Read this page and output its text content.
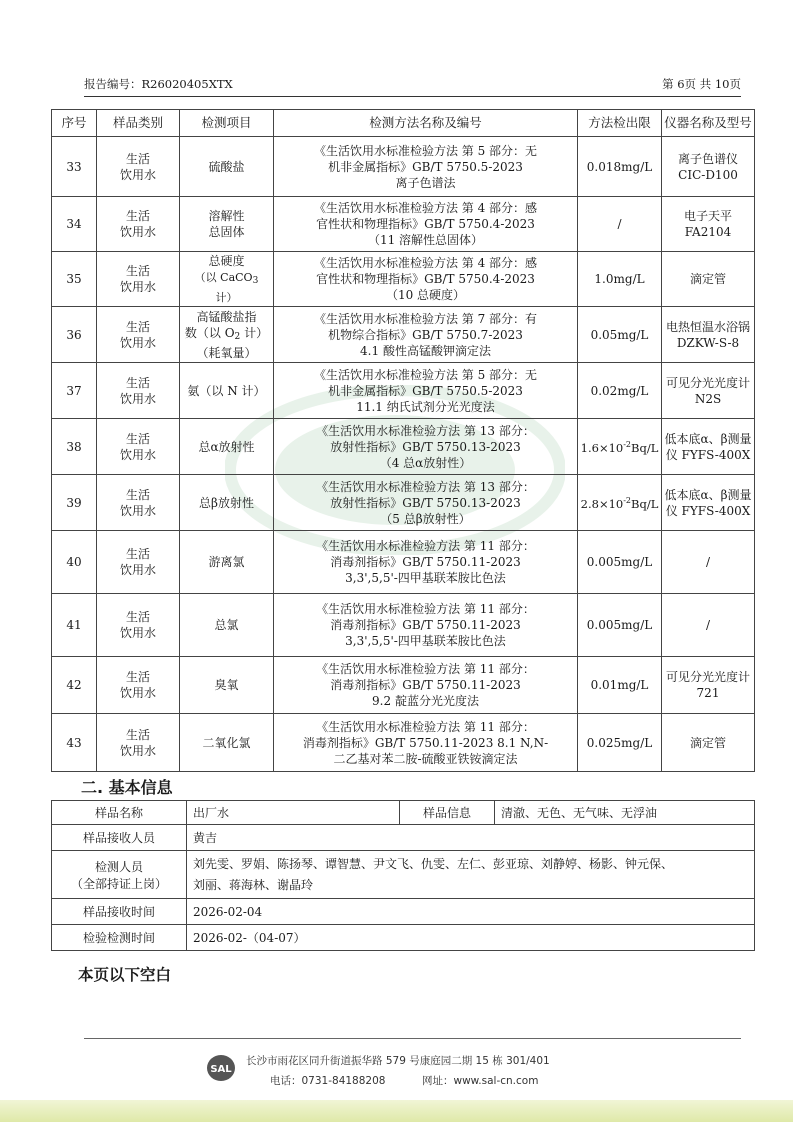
报告编号：R26020405XTX	第 6页 共 10页
序号	样品类别	检测项目	检测方法名称及编号	方法检出限	仪器名称及型号
33	生活
饮用水	硫酸盐	《生活饮用水标准检验方法 第 5 部分：无
机非金属指标》GB/T 5750.5-2023
离子色谱法	0.018mg/L	离子色谱仪
CIC-D100
34	生活
饮用水	溶解性
总固体	《生活饮用水标准检验方法 第 4 部分：感
官性状和物理指标》GB/T 5750.4-2023
（11 溶解性总固体）	/	电子天平
FA2104
35	生活
饮用水	总硬度
（以 CaCO$_3$ 计）	《生活饮用水标准检验方法 第 4 部分：感
官性状和物理指标》GB/T 5750.4-2023
（10 总硬度）	1.0mg/L	滴定管
36	生活
饮用水	高锰酸盐指
数（以 $O_2$ 计）
（耗氧量）	《生活饮用水标准检验方法 第 7 部分：有
机物综合指标》GB/T 5750.7-2023
4.1 酸性高锰酸钾滴定法	0.05mg/L	电热恒温水浴锅
DZKW-S-8
37	生活
饮用水	氨（以 N 计）	《生活饮用水标准检验方法 第 5 部分：无
机非金属指标》GB/T 5750.5-2023
11.1 纳氏试剂分光光度法	0.02mg/L	可见分光光度计
N2S
38	生活
饮用水	总α放射性	《生活饮用水标准检验方法 第 13 部分：
放射性指标》GB/T 5750.13-2023
（4 总α放射性）	$1.6\times 10^{-2}Bq/L$	低本底α、β测量
仪 FYFS-400X
39	生活
饮用水	总β放射性	《生活饮用水标准检验方法 第 13 部分：
放射性指标》GB/T 5750.13-2023
（5 总β放射性）	$2.8\times 10^{-2}Bq/L$	低本底α、β测量
仪 FYFS-400X
40	生活
饮用水	游离氯	《生活饮用水标准检验方法 第 11 部分：
消毒剂指标》GB/T 5750.11-2023
3,3',5,5'-四甲基联苯胺比色法	0.005mg/L	/
41	生活
饮用水	总氯	《生活饮用水标准检验方法 第 11 部分：
消毒剂指标》GB/T 5750.11-2023
3,3',5,5'-四甲基联苯胺比色法	0.005mg/L	/
42	生活
饮用水	臭氧	《生活饮用水标准检验方法 第 11 部分：
消毒剂指标》GB/T 5750.11-2023
9.2 靛蓝分光光度法	0.01mg/L	可见分光光度计
721
43	生活
饮用水	二氧化氯	《生活饮用水标准检验方法 第 11 部分：
消毒剂指标》GB/T 5750.11-2023 8.1 N,N-
二乙基对苯二胺-硫酸亚铁铵滴定法	0.025mg/L	滴定管
二. 基本信息
样品名称	出厂水	样品信息	清澈、无色、无气味、无浮油
样品接收人员	黄吉		
检测人员
（全部持证上岗）	刘先雯、罗娟、陈扬琴、谭智慧、尹文飞、仇雯、左仁、彭亚琼、刘静婷、杨影、钟元保、
刘丽、蒋海林、谢晶玲		
样品接收时间	2026-02-04		
检验检测时间	2026-02-（04-07）		
本页以下空白
SAL
长沙市雨花区同升街道振华路 579 号康庭园二期 15 栋 301/401
电话：0731-84188208	网址：www.sal-cn.com
